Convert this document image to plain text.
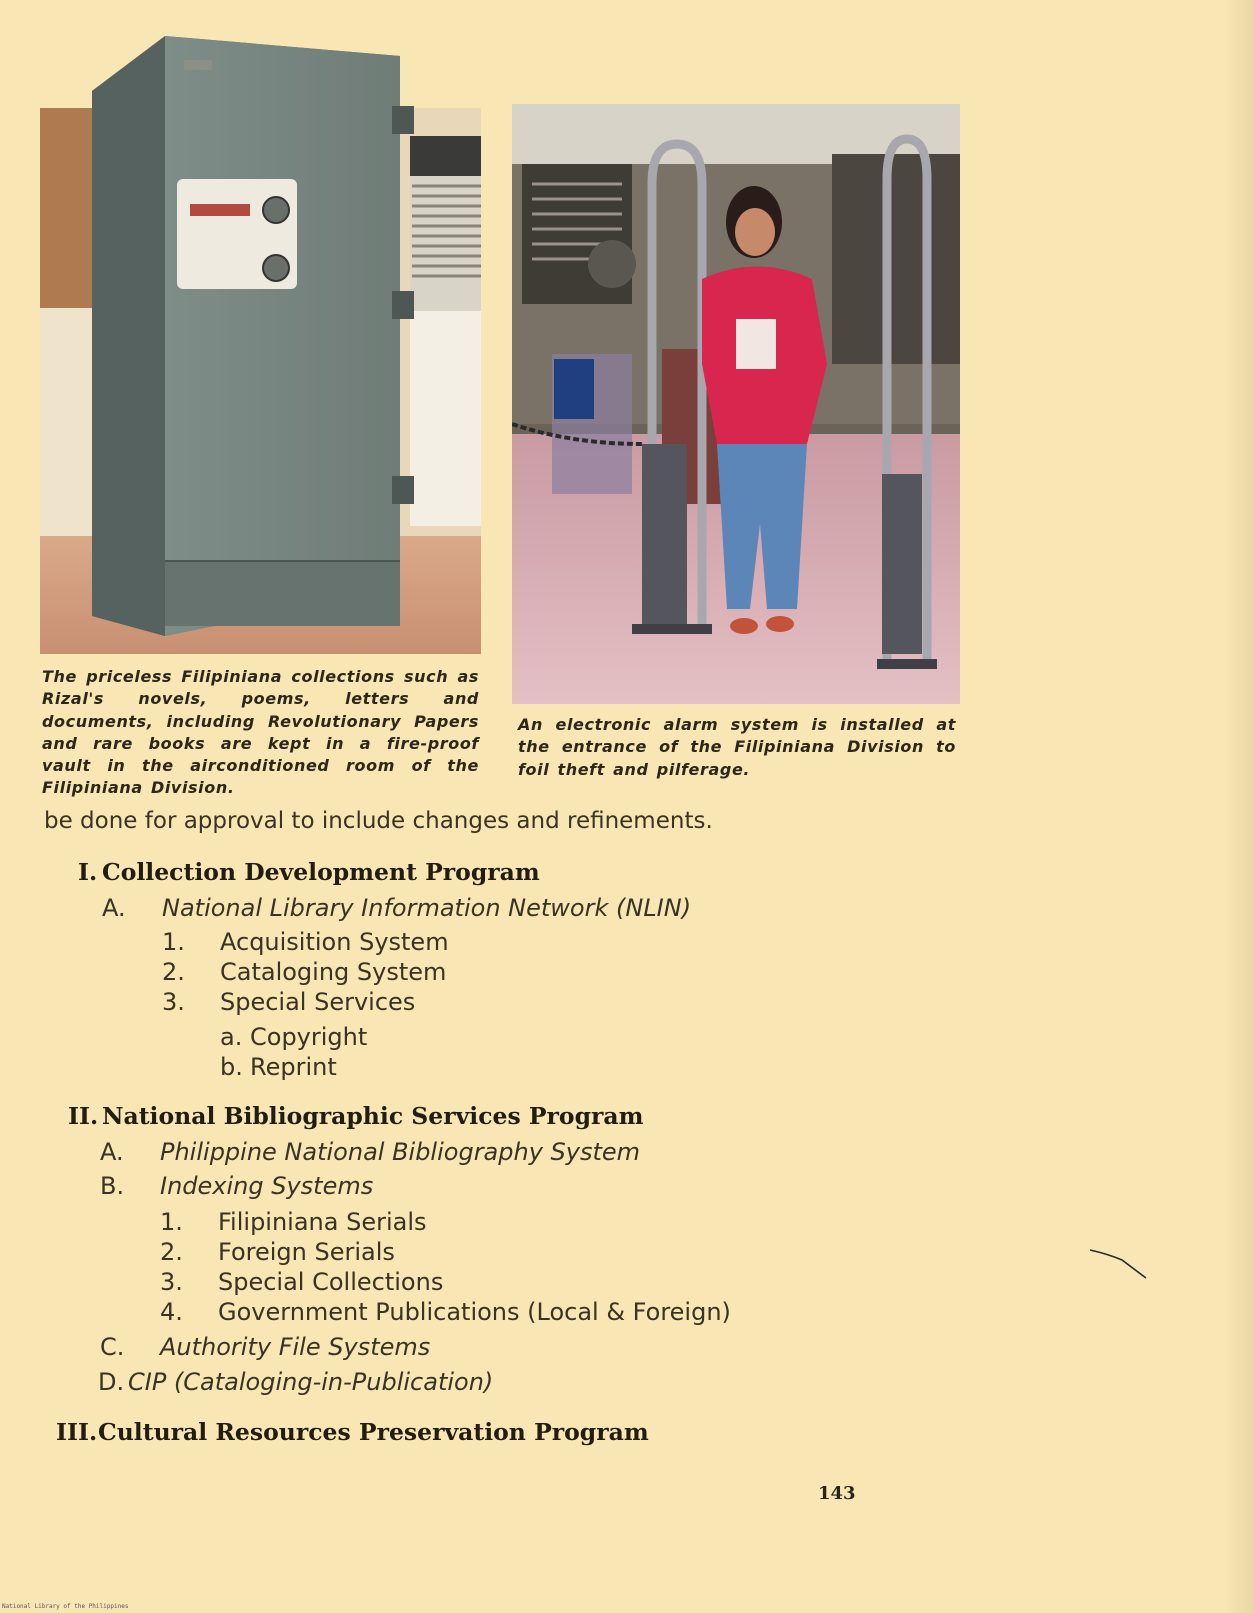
The priceless Filipiniana collections such as Rizal's novels, poems, letters and documents, including Revolutionary Papers and rare books are kept in a fire-proof vault in the airconditioned room of the Filipiniana Division.
An electronic alarm system is installed at the entrance of the Filipiniana Division to foil theft and pilferage.
be done for approval to include changes and refinements.
I. Collection Development Program
A. National Library Information Network (NLIN)
1. Acquisition System
2. Cataloging System
3. Special Services
a. Copyright
b. Reprint
II. National Bibliographic Services Program
A. Philippine National Bibliography System
B. Indexing Systems
1. Filipiniana Serials
2. Foreign Serials
3. Special Collections
4. Government Publications (Local & Foreign)
C. Authority File Systems
D. CIP (Cataloging-in-Publication)
III. Cultural Resources Preservation Program
143
National Library of the Philippines
